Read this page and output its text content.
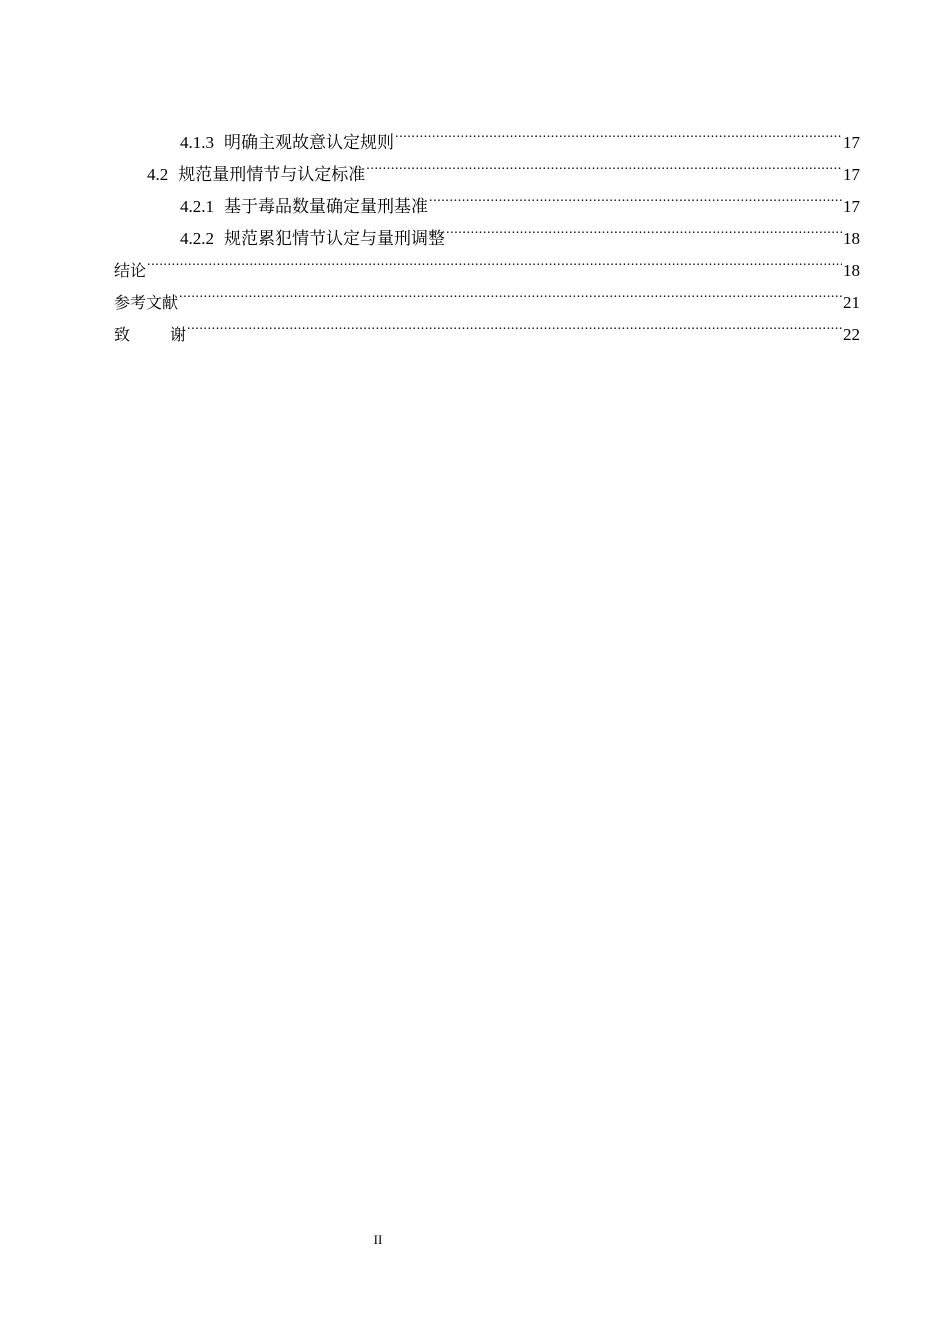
4.1.3 明确主观故意认定规则 .....	17
4.2 规范量刑情节与认定标准 .....	17
4.2.1 基于毒品数量确定量刑基准 .....	17
4.2.2 规范累犯情节认定与量刑调整 .....	18
结论 .....	18
参考文献 .....	21
致	谢 .....	22
II
